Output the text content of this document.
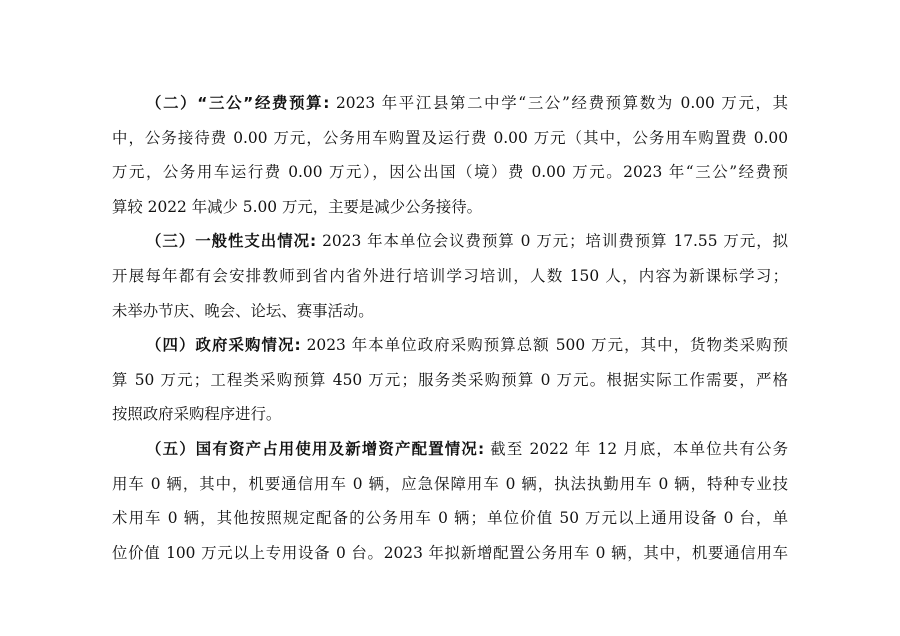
（二）“三公”经费预算: 2023 年平江县第二中学“三公”经费预算数为 0.00 万元，其
中，公务接待费 0.00 万元，公务用车购置及运行费 0.00 万元（其中，公务用车购置费 0.00
万元，公务用车运行费 0.00 万元），因公出国（境）费 0.00 万元。2023 年“三公”经费预
算较 2022 年减少 5.00 万元，主要是减少公务接待。
（三）一般性支出情况: 2023 年本单位会议费预算 0 万元；培训费预算 17.55 万元，拟
开展每年都有会安排教师到省内省外进行培训学习培训，人数 150 人，内容为新课标学习；
未举办节庆、晚会、论坛、赛事活动。
（四）政府采购情况: 2023 年本单位政府采购预算总额 500 万元，其中，货物类采购预
算 50 万元；工程类采购预算 450 万元；服务类采购预算 0 万元。根据实际工作需要，严格
按照政府采购程序进行。
（五）国有资产占用使用及新增资产配置情况: 截至 2022 年 12 月底，本单位共有公务
用车 0 辆，其中，机要通信用车 0 辆，应急保障用车 0 辆，执法执勤用车 0 辆，特种专业技
术用车 0 辆，其他按照规定配备的公务用车 0 辆；单位价值 50 万元以上通用设备 0 台，单
位价值 100 万元以上专用设备 0 台。2023 年拟新增配置公务用车 0 辆，其中，机要通信用车
